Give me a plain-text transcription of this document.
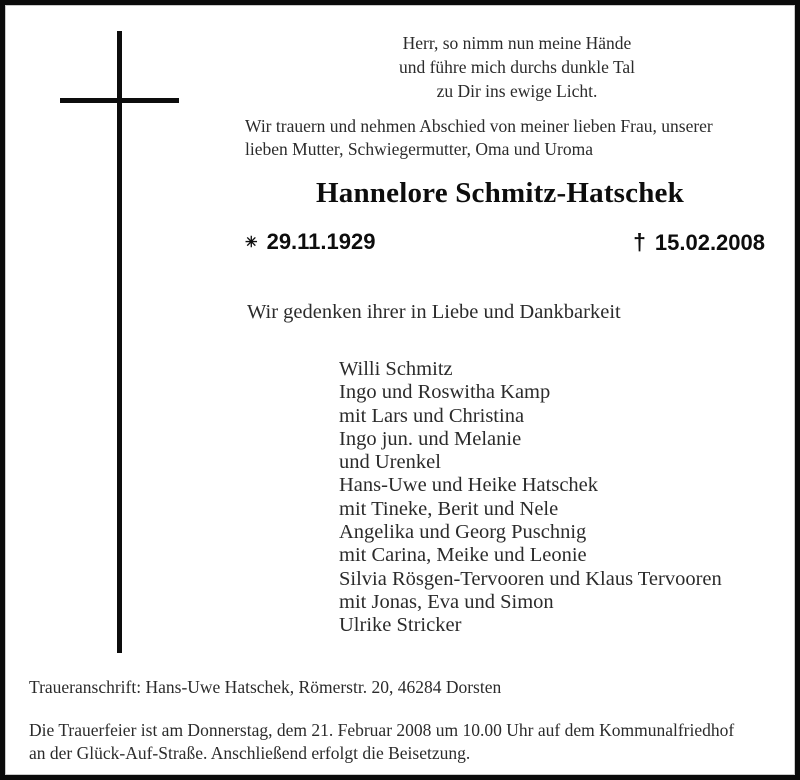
Herr, so nimm nun meine Hände
und führe mich durchs dunkle Tal
zu Dir ins ewige Licht.
Wir trauern und nehmen Abschied von meiner lieben Frau, unserer
lieben Mutter, Schwiegermutter, Oma und Uroma
Hannelore Schmitz-Hatschek
✳ 29.11.1929	† 15.02.2008
Wir gedenken ihrer in Liebe und Dankbarkeit
Willi Schmitz
Ingo und Roswitha Kamp
mit Lars und Christina
Ingo jun. und Melanie
und Urenkel
Hans-Uwe und Heike Hatschek
mit Tineke, Berit und Nele
Angelika und Georg Puschnig
mit Carina, Meike und Leonie
Silvia Rösgen-Tervooren und Klaus Tervooren
mit Jonas, Eva und Simon
Ulrike Stricker
Traueranschrift: Hans-Uwe Hatschek, Römerstr. 20, 46284 Dorsten
Die Trauerfeier ist am Donnerstag, dem 21. Februar 2008 um 10.00 Uhr auf dem Kommunalfriedhof
an der Glück-Auf-Straße. Anschließend erfolgt die Beisetzung.
